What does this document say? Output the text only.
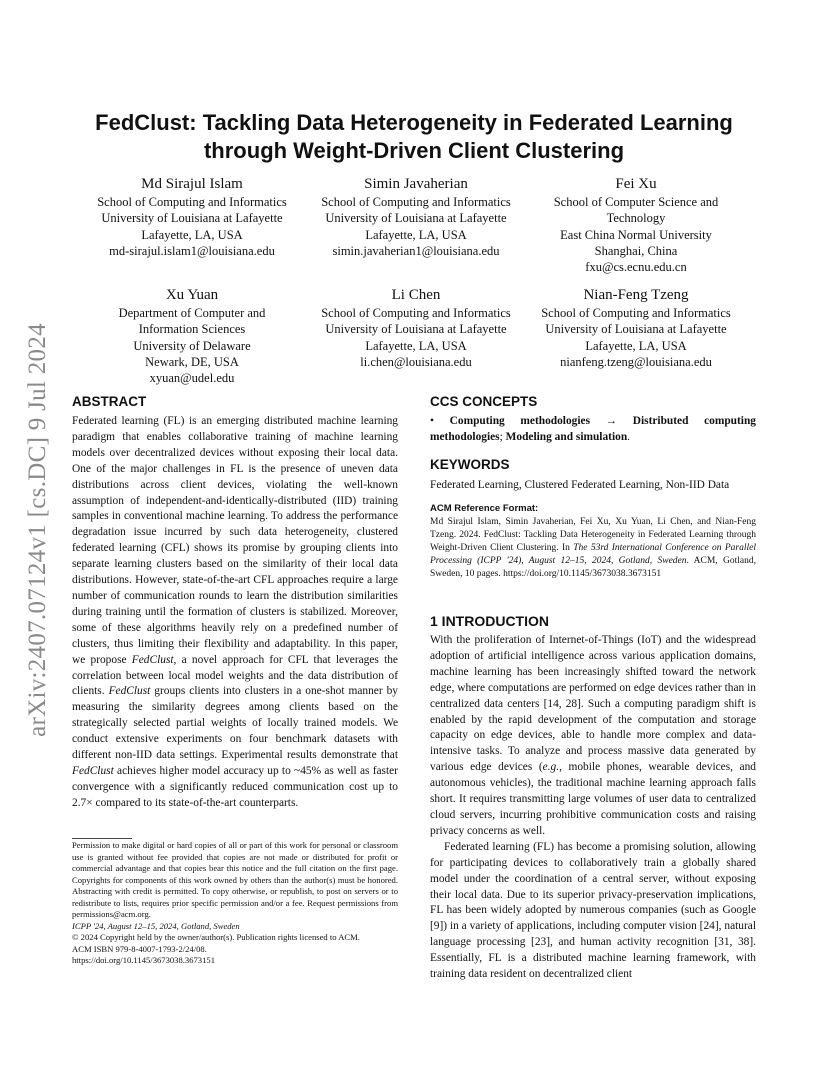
arXiv:2407.07124v1 [cs.DC] 9 Jul 2024
FedClust: Tackling Data Heterogeneity in Federated Learning
through Weight-Driven Client Clustering
Md Sirajul Islam
School of Computing and Informatics
University of Louisiana at Lafayette
Lafayette, LA, USA
md-sirajul.islam1@louisiana.edu
Simin Javaherian
School of Computing and Informatics
University of Louisiana at Lafayette
Lafayette, LA, USA
simin.javaherian1@louisiana.edu
Fei Xu
School of Computer Science and
Technology
East China Normal University
Shanghai, China
fxu@cs.ecnu.edu.cn
Xu Yuan
Department of Computer and
Information Sciences
University of Delaware
Newark, DE, USA
xyuan@udel.edu
Li Chen
School of Computing and Informatics
University of Louisiana at Lafayette
Lafayette, LA, USA
li.chen@louisiana.edu
Nian-Feng Tzeng
School of Computing and Informatics
University of Louisiana at Lafayette
Lafayette, LA, USA
nianfeng.tzeng@louisiana.edu
ABSTRACT
Federated learning (FL) is an emerging distributed machine learning paradigm that enables collaborative training of machine learning models over decentralized devices without exposing their local data. One of the major challenges in FL is the presence of uneven data distributions across client devices, violating the well-known assumption of independent-and-identically-distributed (IID) training samples in conventional machine learning. To address the performance degradation issue incurred by such data heterogeneity, clustered federated learning (CFL) shows its promise by grouping clients into separate learning clusters based on the similarity of their local data distributions. However, state-of-the-art CFL approaches require a large number of communication rounds to learn the distribution similarities during training until the formation of clusters is stabilized. Moreover, some of these algorithms heavily rely on a predefined number of clusters, thus limiting their flexibility and adaptability. In this paper, we propose FedClust, a novel approach for CFL that leverages the correlation between local model weights and the data distribution of clients. FedClust groups clients into clusters in a one-shot manner by measuring the similarity degrees among clients based on the strategically selected partial weights of locally trained models. We conduct extensive experiments on four benchmark datasets with different non-IID data settings. Experimental results demonstrate that FedClust achieves higher model accuracy up to ~45% as well as faster convergence with a significantly reduced communication cost up to 2.7× compared to its state-of-the-art counterparts.
Permission to make digital or hard copies of all or part of this work for personal or classroom use is granted without fee provided that copies are not made or distributed for profit or commercial advantage and that copies bear this notice and the full citation on the first page. Copyrights for components of this work owned by others than the author(s) must be honored. Abstracting with credit is permitted. To copy otherwise, or republish, to post on servers or to redistribute to lists, requires prior specific permission and/or a fee. Request permissions from permissions@acm.org.
ICPP '24, August 12–15, 2024, Gotland, Sweden
© 2024 Copyright held by the owner/author(s). Publication rights licensed to ACM.
ACM ISBN 979-8-4007-1793-2/24/08.
https://doi.org/10.1145/3673038.3673151
CCS CONCEPTS
• Computing methodologies → Distributed computing methodologies; Modeling and simulation.
KEYWORDS
Federated Learning, Clustered Federated Learning, Non-IID Data
ACM Reference Format:
Md Sirajul Islam, Simin Javaherian, Fei Xu, Xu Yuan, Li Chen, and Nian-Feng Tzeng. 2024. FedClust: Tackling Data Heterogeneity in Federated Learning through Weight-Driven Client Clustering. In The 53rd International Conference on Parallel Processing (ICPP '24), August 12–15, 2024, Gotland, Sweden. ACM, Gotland, Sweden, 10 pages. https://doi.org/10.1145/3673038.3673151
1 INTRODUCTION
With the proliferation of Internet-of-Things (IoT) and the widespread adoption of artificial intelligence across various application domains, machine learning has been increasingly shifted toward the network edge, where computations are performed on edge devices rather than in centralized data centers [14, 28]. Such a computing paradigm shift is enabled by the rapid development of the computation and storage capacity on edge devices, able to handle more complex and data-intensive tasks. To analyze and process massive data generated by various edge devices (e.g., mobile phones, wearable devices, and autonomous vehicles), the traditional machine learning approach falls short. It requires transmitting large volumes of user data to centralized cloud servers, incurring prohibitive communication costs and raising privacy concerns as well.
Federated learning (FL) has become a promising solution, allowing for participating devices to collaboratively train a globally shared model under the coordination of a central server, without exposing their local data. Due to its superior privacy-preservation implications, FL has been widely adopted by numerous companies (such as Google [9]) in a variety of applications, including computer vision [24], natural language processing [23], and human activity recognition [31, 38]. Essentially, FL is a distributed machine learning framework, with training data resident on decentralized client
